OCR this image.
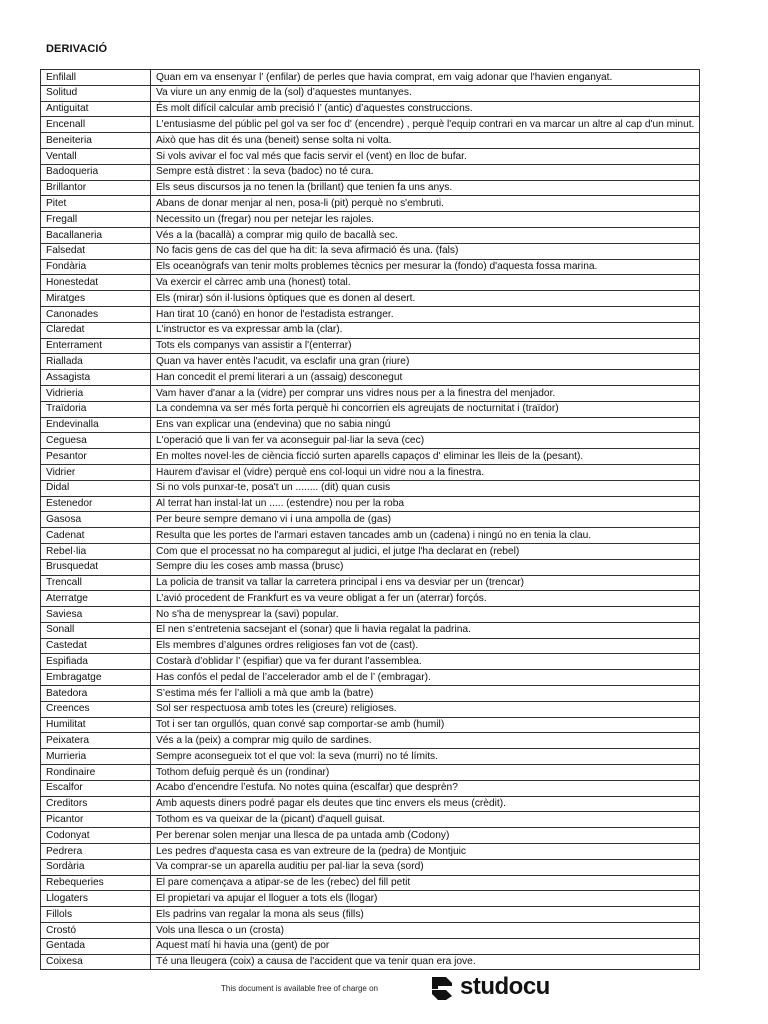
DERIVACIÓ
Enfilall	Quan em va ensenyar l’ (enfilar) de perles que havia comprat, em vaig adonar que l'havien enganyat.
Solitud	Va viure un any enmig de la (sol) d’aquestes muntanyes.
Antiguitat	És molt difícil calcular amb precisió l’ (antic) d’aquestes construccions.
Encenall	L'entusiasme del públic pel gol va ser foc d' (encendre) , perquè l'equip contrari en va marcar un altre al cap d'un minut.
Beneiteria	Això que has dit és una (beneit) sense solta ni volta.
Ventall	Si vols avivar el foc val més que facis servir el (vent) en lloc de bufar.
Badoqueria	Sempre està distret : la seva (badoc) no té cura.
Brillantor	Els seus discursos ja no tenen la (brillant) que tenien fa uns anys.
Pitet	Abans de donar menjar al nen, posa-li (pit) perquè no s'embruti.
Fregall	Necessito un (fregar) nou per netejar les rajoles.
Bacallaneria	Vés a la (bacallà) a comprar mig quilo de bacallà sec.
Falsedat	No facis gens de cas del que ha dit: la seva afirmació és una. (fals)
Fondària	Els oceanògrafs van tenir molts problemes tècnics per mesurar la (fondo) d'aquesta fossa marina.
Honestedat	Va exercir el càrrec amb una (honest) total.
Miratges	Els (mirar) són il·lusions òptiques que es donen al desert.
Canonades	Han tirat 10 (canó) en honor de l'estadista estranger.
Claredat	L'instructor es va expressar amb la (clar).
Enterrament	Tots els companys van assistir a l'(enterrar)
Riallada	Quan va haver entès l'acudit, va esclafir una gran (riure)
Assagista	Han concedit el premi literari a un (assaig) desconegut
Vidrieria	Vam haver d'anar a la (vidre) per comprar uns vidres nous per a la finestra del menjador.
Traïdoria	La condemna va ser més forta perquè hi concorrien els agreujats de nocturnitat i (traïdor)
Endevinalla	Ens van explicar una (endevina) que no sabia ningú
Ceguesa	L'operació que li van fer va aconseguir pal·liar la seva (cec)
Pesantor	En moltes novel·les de ciència ficció surten aparells capaços d' eliminar les lleis de la (pesant).
Vidrier	Haurem d'avisar el (vidre) perquè ens col·loqui un vidre nou a la finestra.
Didal	Si no vols punxar-te, posa't un ........ (dit) quan cusis
Estenedor	Al terrat han instal·lat un ..... (estendre) nou per la roba
Gasosa	Per beure sempre demano vi i una ampolla de (gas)
Cadenat	Resulta que les portes de l'armari estaven tancades amb un (cadena) i ningú no en tenia la clau.
Rebel·lia	Com que el processat no ha comparegut al judici, el jutge l'ha declarat en (rebel)
Brusquedat	Sempre diu les coses amb massa (brusc)
Trencall	La policia de transit va tallar la carretera principal i ens va desviar per un (trencar)
Aterratge	L’avió procedent de Frankfurt es va veure obligat a fer un (aterrar) forçós.
Saviesa	No s'ha de menysprear la (savi) popular.
Sonall	El nen s’entretenia sacsejant el (sonar) que li havia regalat la padrina.
Castedat	Els membres d’algunes ordres religioses fan vot de (cast).
Espifiada	Costarà d’oblidar l’ (espifiar) que va fer durant l’assemblea.
Embragatge	Has confós el pedal de l’accelerador amb el de l’ (embragar).
Batedora	S’estima més fer l’allioli a mà que amb la (batre)
Creences	Sol ser respectuosa amb totes les (creure) religioses.
Humilitat	Tot i ser tan orgullós, quan convé sap comportar-se amb (humil)
Peixatera	Vés a la (peix) a comprar mig quilo de sardines.
Murrieria	Sempre aconsegueix tot el que vol: la seva (murri) no té límits.
Rondinaire	Tothom defuig perquè és un (rondinar)
Escalfor	Acabo d’encendre l’estufa. No notes quina (escalfar) que desprèn?
Creditors	Amb aquests diners podré pagar els deutes que tinc envers els meus (crèdit).
Picantor	Tothom es va queixar de la (picant) d'aquell guisat.
Codonyat	Per berenar solen menjar una llesca de pa untada amb (Codony)
Pedrera	Les pedres d'aquesta casa es van extreure de la (pedra) de Montjuic
Sordària	Va comprar-se un aparella auditiu per pal·liar la seva (sord)
Rebequeries	El pare començava a atipar-se de les (rebec) del fill petit
Llogaters	El propietari va apujar el lloguer a tots els (llogar)
Fillols	Els padrins van regalar la mona als seus (fills)
Crostó	Vols una llesca o un (crosta)
Gentada	Aquest matí hi havia una (gent) de por
Coixesa	Té una lleugera (coix) a causa de l'accident que va tenir quan era jove.
This document is available free of charge on	studocu
